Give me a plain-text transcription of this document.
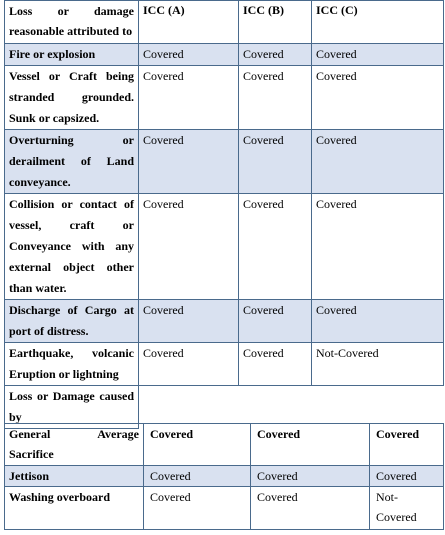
Loss or damage reasonable attributed to	ICC (A)	ICC (B)	ICC (C)

Fire or explosion	Covered	Covered	Covered

Vessel or Craft being stranded grounded. Sunk or capsized.	Covered	Covered	Covered

Overturning or derailment of Land conveyance.	Covered	Covered	Covered

Collision or contact of vessel, craft or Conveyance with any external object other than water.	Covered	Covered	Covered

Discharge of Cargo at port of distress.	Covered	Covered	Covered

Earthquake, volcanic Eruption or lightning	Covered	Covered	Not-Covered

Loss or Damage caused by			

General Average Sacrifice	Covered	Covered	Covered

Jettison	Covered	Covered	Covered

Washing overboard	Covered	Covered	Not-Covered
